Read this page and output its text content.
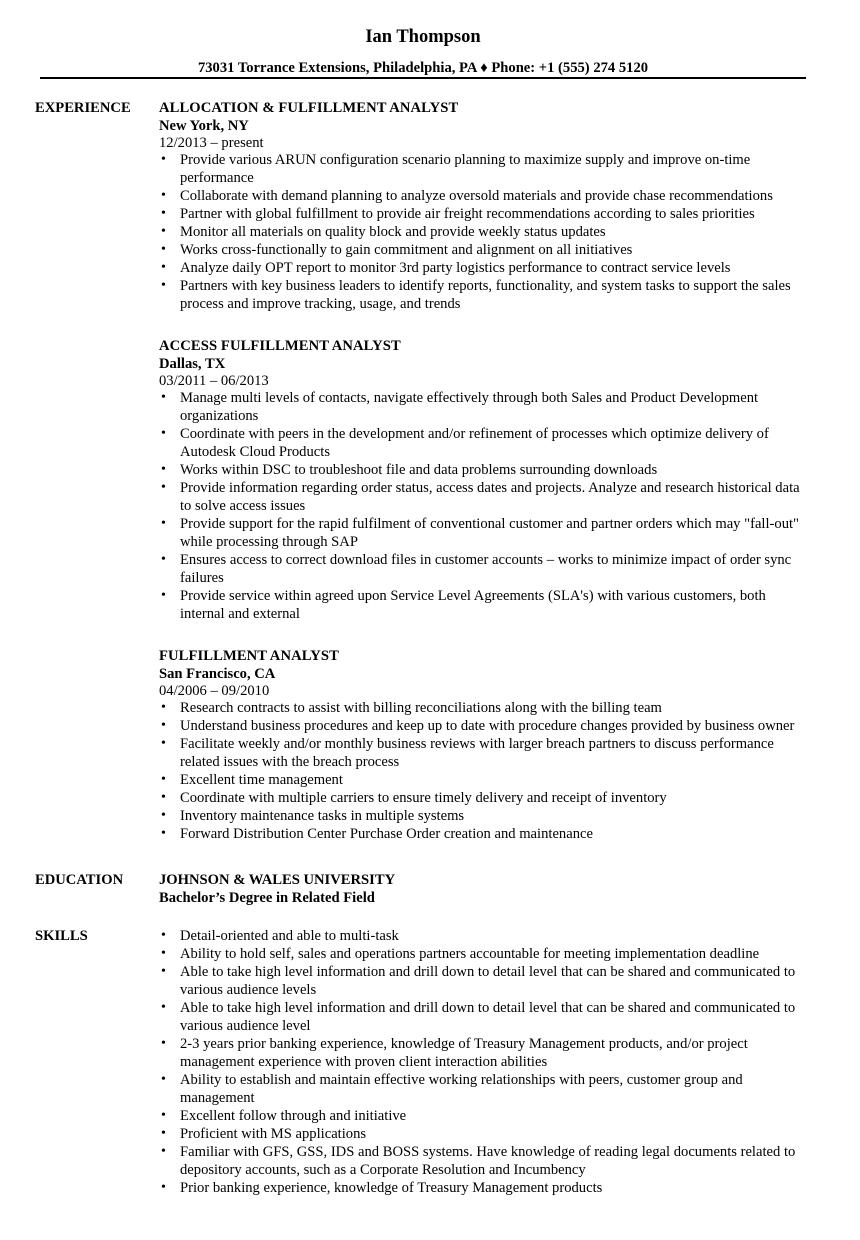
Ian Thompson
73031 Torrance Extensions, Philadelphia, PA ♦ Phone: +1 (555) 274 5120
EXPERIENCE ALLOCATION & FULFILLMENT ANALYST
New York, NY
12/2013 – present
• Provide various ARUN configuration scenario planning to maximize supply and improve on-time performance
• Collaborate with demand planning to analyze oversold materials and provide chase recommendations
• Partner with global fulfillment to provide air freight recommendations according to sales priorities
• Monitor all materials on quality block and provide weekly status updates
• Works cross-functionally to gain commitment and alignment on all initiatives
• Analyze daily OPT report to monitor 3rd party logistics performance to contract service levels
• Partners with key business leaders to identify reports, functionality, and system tasks to support the sales process and improve tracking, usage, and trends
ACCESS FULFILLMENT ANALYST
Dallas, TX
03/2011 – 06/2013
• Manage multi levels of contacts, navigate effectively through both Sales and Product Development organizations
• Coordinate with peers in the development and/or refinement of processes which optimize delivery of Autodesk Cloud Products
• Works within DSC to troubleshoot file and data problems surrounding downloads
• Provide information regarding order status, access dates and projects. Analyze and research historical data to solve access issues
• Provide support for the rapid fulfilment of conventional customer and partner orders which may "fall-out" while processing through SAP
• Ensures access to correct download files in customer accounts – works to minimize impact of order sync failures
• Provide service within agreed upon Service Level Agreements (SLA's) with various customers, both internal and external
FULFILLMENT ANALYST
San Francisco, CA
04/2006 – 09/2010
• Research contracts to assist with billing reconciliations along with the billing team
• Understand business procedures and keep up to date with procedure changes provided by business owner
• Facilitate weekly and/or monthly business reviews with larger breach partners to discuss performance related issues with the breach process
• Excellent time management
• Coordinate with multiple carriers to ensure timely delivery and receipt of inventory
• Inventory maintenance tasks in multiple systems
• Forward Distribution Center Purchase Order creation and maintenance
EDUCATION JOHNSON & WALES UNIVERSITY
Bachelor’s Degree in Related Field
SKILLS	• Detail-oriented and able to multi-task
• Ability to hold self, sales and operations partners accountable for meeting implementation deadline
• Able to take high level information and drill down to detail level that can be shared and communicated to various audience levels
• Able to take high level information and drill down to detail level that can be shared and communicated to various audience level
• 2-3 years prior banking experience, knowledge of Treasury Management products, and/or project management experience with proven client interaction abilities
• Ability to establish and maintain effective working relationships with peers, customer group and management
• Excellent follow through and initiative
• Proficient with MS applications
• Familiar with GFS, GSS, IDS and BOSS systems. Have knowledge of reading legal documents related to depository accounts, such as a Corporate Resolution and Incumbency
• Prior banking experience, knowledge of Treasury Management products
